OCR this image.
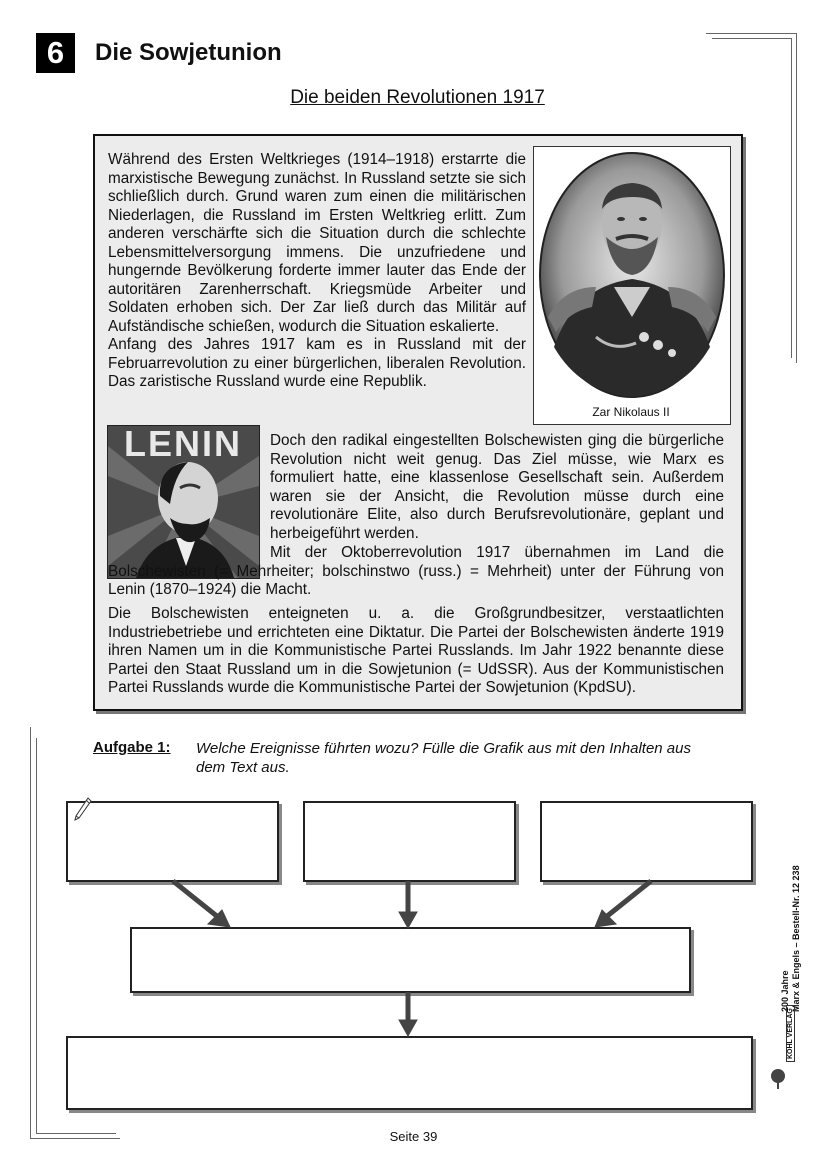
6	Die Sowjetunion
Die beiden Revolutionen 1917

Während des Ersten Weltkrieges (1914–1918) erstarrte die marxistische Bewegung zunächst. In Russland setzte sie sich schließlich durch. Grund waren zum einen die militärischen Niederlagen, die Russland im Ersten Weltkrieg erlitt. Zum anderen verschärfte sich die Situation durch die schlechte Lebensmittelversorgung immens. Die unzufriedene und hungernde Bevölkerung forderte immer lauter das Ende der autoritären Zarenherrschaft. Kriegsmüde Arbeiter und Soldaten erhoben sich. Der Zar ließ durch das Militär auf Aufständische schießen, wodurch die Situation eskalierte.

Anfang des Jahres 1917 kam es in Russland mit der Februarrevolution zu einer bürgerlichen, liberalen Revolution. Das zaristische Russland wurde eine Republik.

Zar Nikolaus II
LENIN Doch den radikal eingestellten Bolschewisten ging die bürgerliche Revolution nicht weit genug. Das Ziel müsse, wie Marx es formuliert hatte, eine klassenlose Gesellschaft sein. Außerdem waren sie der Ansicht, die Revolution müsse durch eine revolutionäre Elite, also durch Berufsrevolutionäre, geplant und herbeigeführt werden.

Mit der Oktoberrevolution 1917 übernahmen im Land die Bolschewisten (= Mehrheiter; bolschinstwo (russ.) = Mehrheit) unter der Führung von Lenin (1870–1924) die Macht.

Die Bolschewisten enteigneten u. a. die Großgrundbesitzer, verstaatlichten Industriebetriebe und errichteten eine Diktatur. Die Partei der Bolschewisten änderte 1919 ihren Namen um in die Kommunistische Partei Russlands. Im Jahr 1922 benannte diese Partei den Staat Russland um in die Sowjetunion (= UdSSR). Aus der Kommunistischen Partei Russlands wurde die Kommunistische Partei der Sowjetunion (KpdSU).

Aufgabe 1: Welche Ereignisse führten wozu? Fülle die Grafik aus mit den Inhalten aus dem Text aus.
200 Jahre Marx & Engels – Bestell-Nr. 12 238
KOHL VERLAG
Seite 39
